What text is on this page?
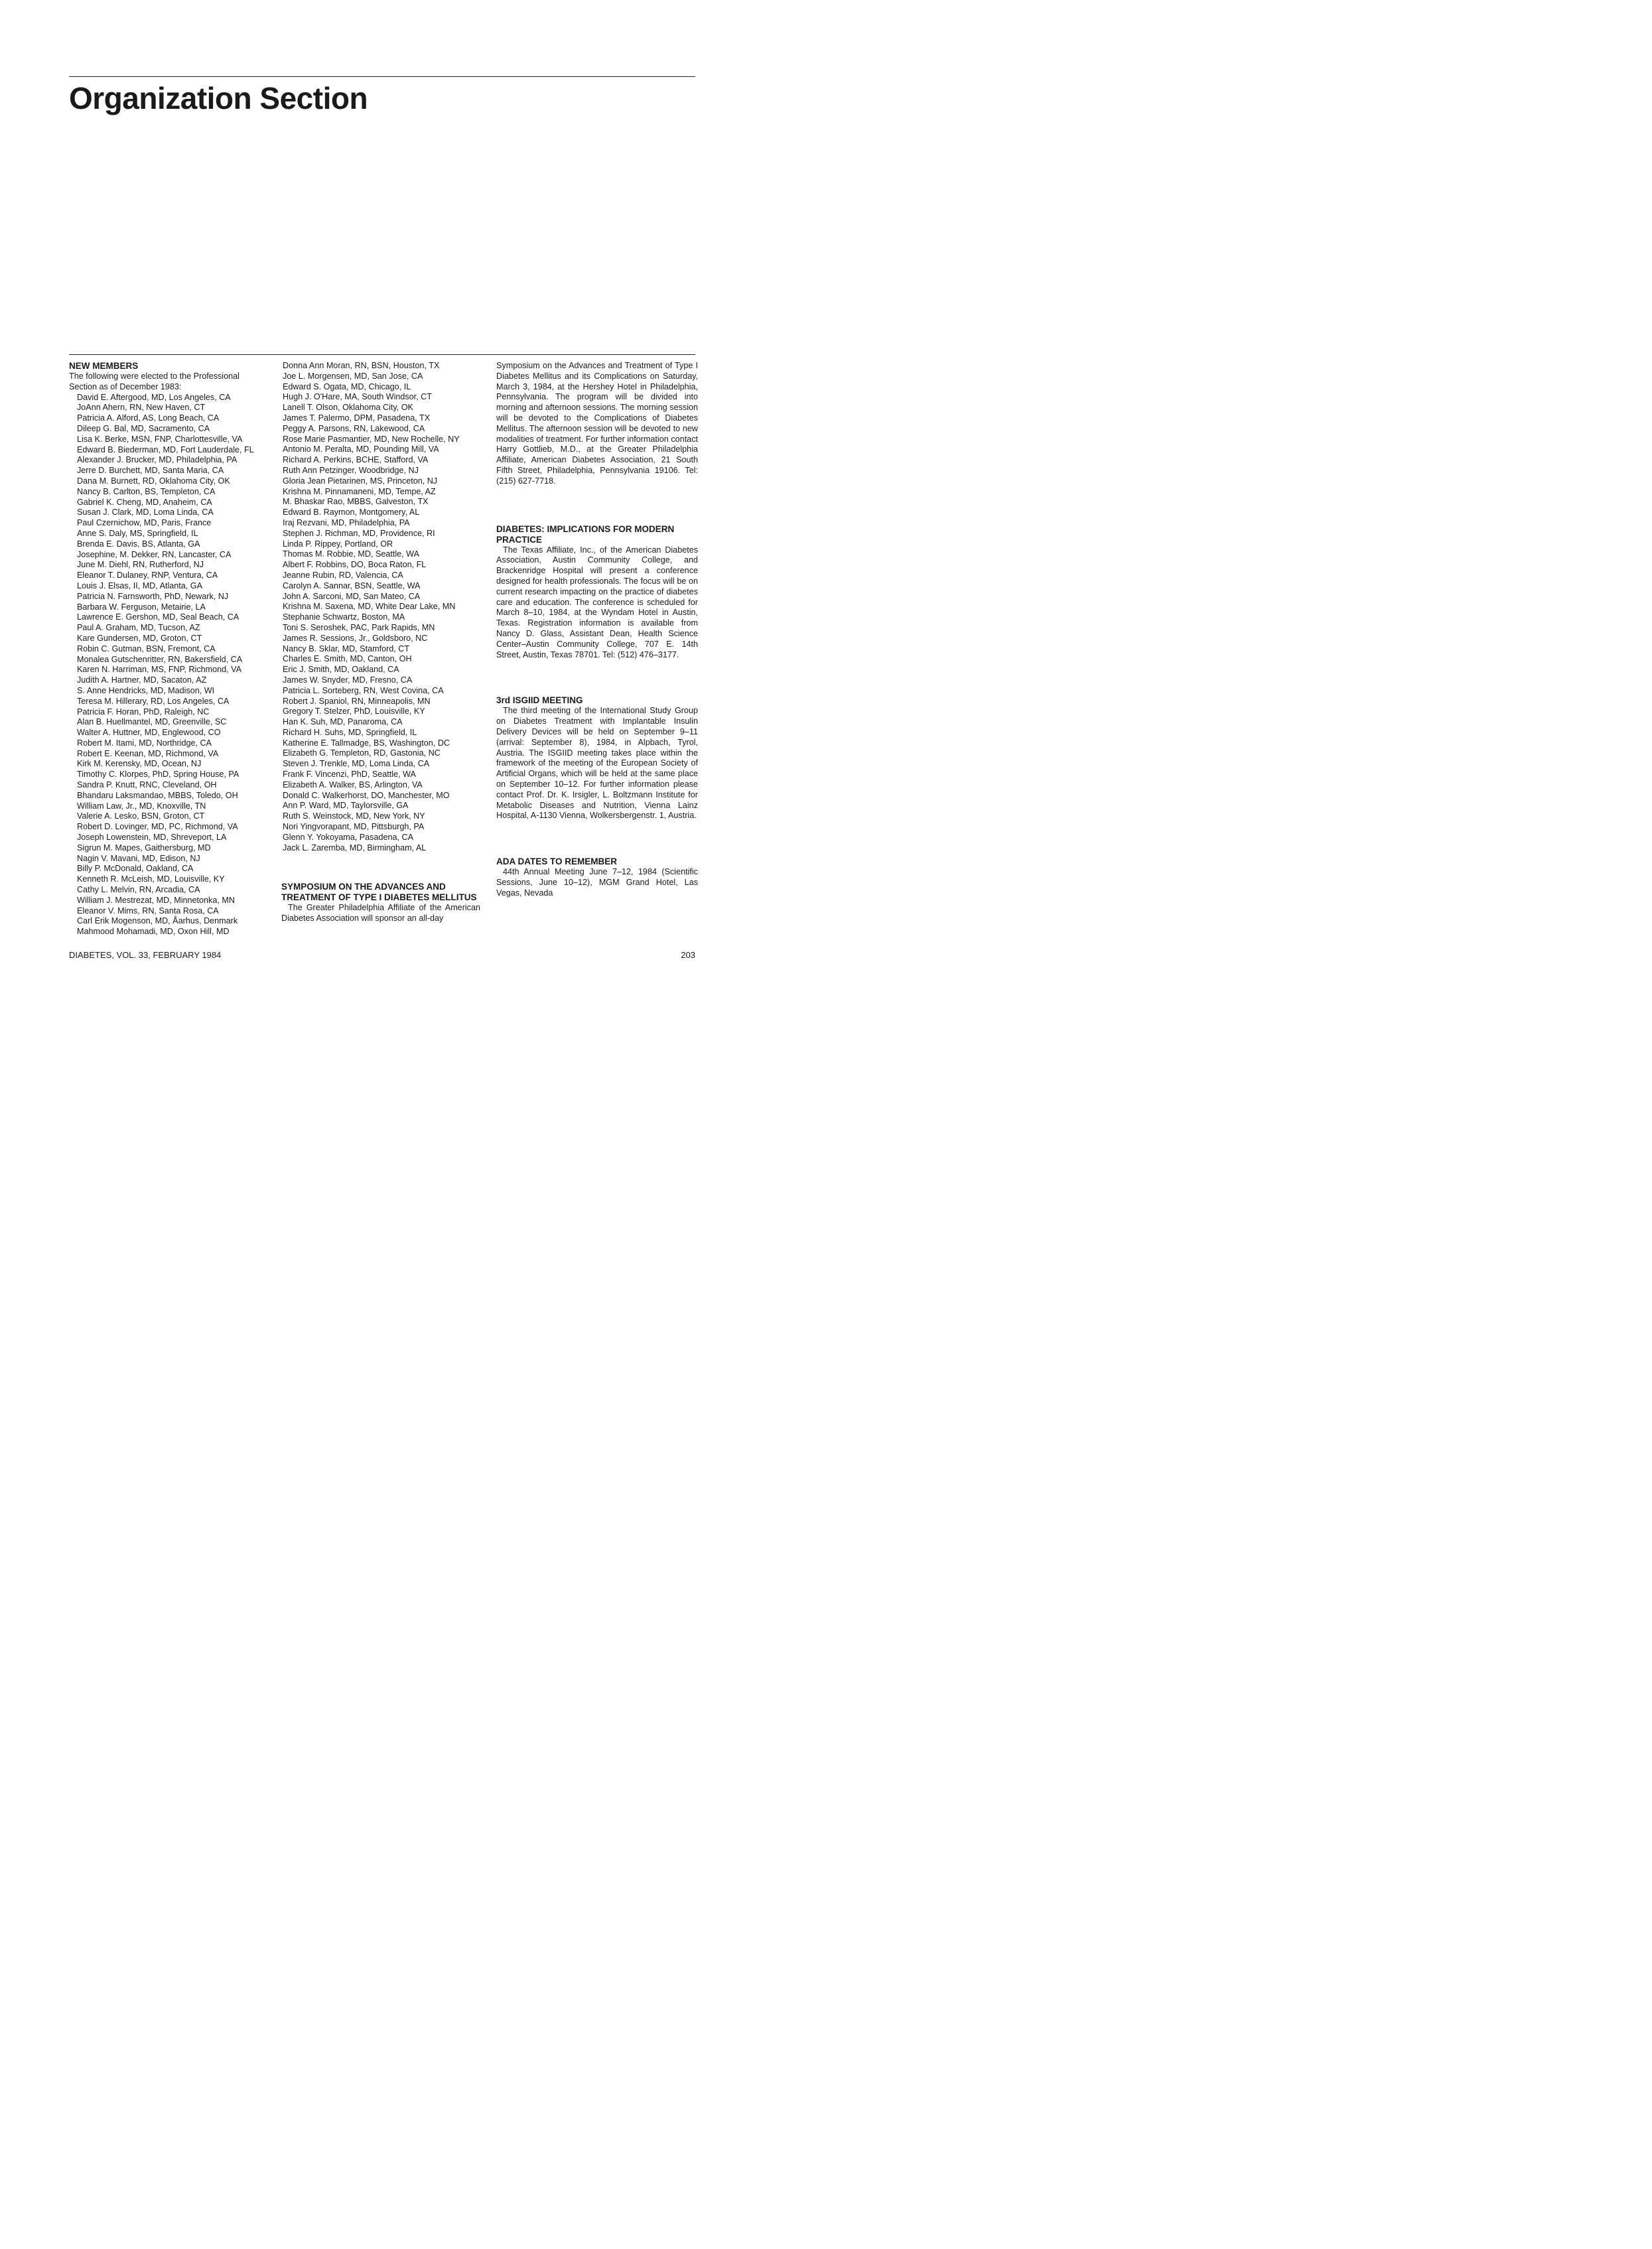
Organization Section
NEW MEMBERS

The following were elected to the Professional Section as of December 1983:

David E. Aftergood, MD, Los Angeles, CA
JoAnn Ahern, RN, New Haven, CT
Patricia A. Alford, AS, Long Beach, CA
Dileep G. Bal, MD, Sacramento, CA
Lisa K. Berke, MSN, FNP, Charlottesville, VA
Edward B. Biederman, MD, Fort Lauderdale, FL
Alexander J. Brucker, MD, Philadelphia, PA
Jerre D. Burchett, MD, Santa Maria, CA
Dana M. Burnett, RD, Oklahoma City, OK
Nancy B. Carlton, BS, Templeton, CA
Gabriel K. Cheng, MD, Anaheim, CA
Susan J. Clark, MD, Loma Linda, CA
Paul Czernichow, MD, Paris, France
Anne S. Daly, MS, Springfield, IL
Brenda E. Davis, BS, Atlanta, GA
Josephine, M. Dekker, RN, Lancaster, CA
June M. Diehl, RN, Rutherford, NJ
Eleanor T. Dulaney, RNP, Ventura, CA
Louis J. Elsas, II, MD, Atlanta, GA
Patricia N. Farnsworth, PhD, Newark, NJ
Barbara W. Ferguson, Metairie, LA
Lawrence E. Gershon, MD, Seal Beach, CA
Paul A. Graham, MD, Tucson, AZ
Kare Gundersen, MD, Groton, CT
Robin C. Gutman, BSN, Fremont, CA
Monalea Gutschenritter, RN, Bakersfield, CA
Karen N. Harriman, MS, FNP, Richmond, VA
Judith A. Hartner, MD, Sacaton, AZ
S. Anne Hendricks, MD, Madison, WI
Teresa M. Hillerary, RD, Los Angeles, CA
Patricia F. Horan, PhD, Raleigh, NC
Alan B. Huellmantel, MD, Greenville, SC
Walter A. Huttner, MD, Englewood, CO
Robert M. Itami, MD, Northridge, CA
Robert E. Keenan, MD, Richmond, VA
Kirk M. Kerensky, MD, Ocean, NJ
Timothy C. Klorpes, PhD, Spring House, PA
Sandra P. Knutt, RNC, Cleveland, OH
Bhandaru Laksmandao, MBBS, Toledo, OH
William Law, Jr., MD, Knoxville, TN
Valerie A. Lesko, BSN, Groton, CT
Robert D. Lovinger, MD, PC, Richmond, VA
Joseph Lowenstein, MD, Shreveport, LA
Sigrun M. Mapes, Gaithersburg, MD
Nagin V. Mavani, MD, Edison, NJ
Billy P. McDonald, Oakland, CA
Kenneth R. McLeish, MD, Louisville, KY
Cathy L. Melvin, RN, Arcadia, CA
William J. Mestrezat, MD, Minnetonka, MN
Eleanor V. Mims, RN, Santa Rosa, CA
Carl Erik Mogenson, MD, Åarhus, Denmark
Mahmood Mohamadi, MD, Oxon Hill, MD
Donna Ann Moran, RN, BSN, Houston, TX
Joe L. Morgensen, MD, San Jose, CA
Edward S. Ogata, MD, Chicago, IL
Hugh J. O'Hare, MA, South Windsor, CT
Lanell T. Olson, Oklahoma City, OK
James T. Palermo, DPM, Pasadena, TX
Peggy A. Parsons, RN, Lakewood, CA
Rose Marie Pasmantier, MD, New Rochelle, NY
Antonio M. Peralta, MD, Pounding Mill, VA
Richard A. Perkins, BCHE, Stafford, VA
Ruth Ann Petzinger, Woodbridge, NJ
Gloria Jean Pietarinen, MS, Princeton, NJ
Krishna M. Pinnamaneni, MD, Tempe, AZ
M. Bhaskar Rao, MBBS, Galveston, TX
Edward B. Raymon, Montgomery, AL
Iraj Rezvani, MD, Philadelphia, PA
Stephen J. Richman, MD, Providence, RI
Linda P. Rippey, Portland, OR
Thomas M. Robbie, MD, Seattle, WA
Albert F. Robbins, DO, Boca Raton, FL
Jeanne Rubin, RD, Valencia, CA
Carolyn A. Sannar, BSN, Seattle, WA
John A. Sarconi, MD, San Mateo, CA
Krishna M. Saxena, MD, White Dear Lake, MN
Stephanie Schwartz, Boston, MA
Toni S. Seroshek, PAC, Park Rapids, MN
James R. Sessions, Jr., Goldsboro, NC
Nancy B. Sklar, MD, Stamford, CT
Charles E. Smith, MD, Canton, OH
Eric J. Smith, MD, Oakland, CA
James W. Snyder, MD, Fresno, CA
Patricia L. Sorteberg, RN, West Covina, CA
Robert J. Spaniol, RN, Minneapolis, MN
Gregory T. Stelzer, PhD, Louisville, KY
Han K. Suh, MD, Panaroma, CA
Richard H. Suhs, MD, Springfield, IL
Katherine E. Tallmadge, BS, Washington, DC
Elizabeth G. Templeton, RD, Gastonia, NC
Steven J. Trenkle, MD, Loma Linda, CA
Frank F. Vincenzi, PhD, Seattle, WA
Elizabeth A. Walker, BS, Arlington, VA
Donald C. Walkerhorst, DO, Manchester, MO
Ann P. Ward, MD, Taylorsville, GA
Ruth S. Weinstock, MD, New York, NY
Nori Yingvorapant, MD, Pittsburgh, PA
Glenn Y. Yokoyama, Pasadena, CA
Jack L. Zaremba, MD, Birmingham, AL
SYMPOSIUM ON THE ADVANCES AND TREATMENT OF TYPE I DIABETES MELLITUS

The Greater Philadelphia Affiliate of the American Diabetes Association will sponsor an all-day

Symposium on the Advances and Treatment of Type I Diabetes Mellitus and its Complications on Saturday, March 3, 1984, at the Hershey Hotel in Philadelphia, Pennsylvania. The program will be divided into morning and afternoon sessions. The morning session will be devoted to the Complications of Diabetes Mellitus. The afternoon session will be devoted to new modalities of treatment. For further information contact Harry Gottlieb, M.D., at the Greater Philadelphia Affiliate, American Diabetes Association, 21 South Fifth Street, Philadelphia, Pennsylvania 19106. Tel: (215) 627-7718.

DIABETES: IMPLICATIONS FOR MODERN PRACTICE

The Texas Affiliate, Inc., of the American Diabetes Association, Austin Community College, and Brackenridge Hospital will present a conference designed for health professionals. The focus will be on current research impacting on the practice of diabetes care and education. The conference is scheduled for March 8–10, 1984, at the Wyndam Hotel in Austin, Texas. Registration information is available from Nancy D. Glass, Assistant Dean, Health Science Center–Austin Community College, 707 E. 14th Street, Austin, Texas 78701. Tel: (512) 476–3177.

3rd ISGIID MEETING

The third meeting of the International Study Group on Diabetes Treatment with Implantable Insulin Delivery Devices will be held on September 9–11 (arrival: September 8), 1984, in Alpbach, Tyrol, Austria. The ISGIID meeting takes place within the framework of the meeting of the European Society of Artificial Organs, which will be held at the same place on September 10–12. For further information please contact Prof. Dr. K. Irsigler, L. Boltzmann Institute for Metabolic Diseases and Nutrition, Vienna Lainz Hospital, A-1130 Vienna, Wolkersbergenstr. 1, Austria.

ADA DATES TO REMEMBER

44th Annual Meeting June 7–12, 1984 (Scientific Sessions, June 10–12), MGM Grand Hotel, Las Vegas, Nevada

DIABETES, VOL. 33, FEBRUARY 1984	203
